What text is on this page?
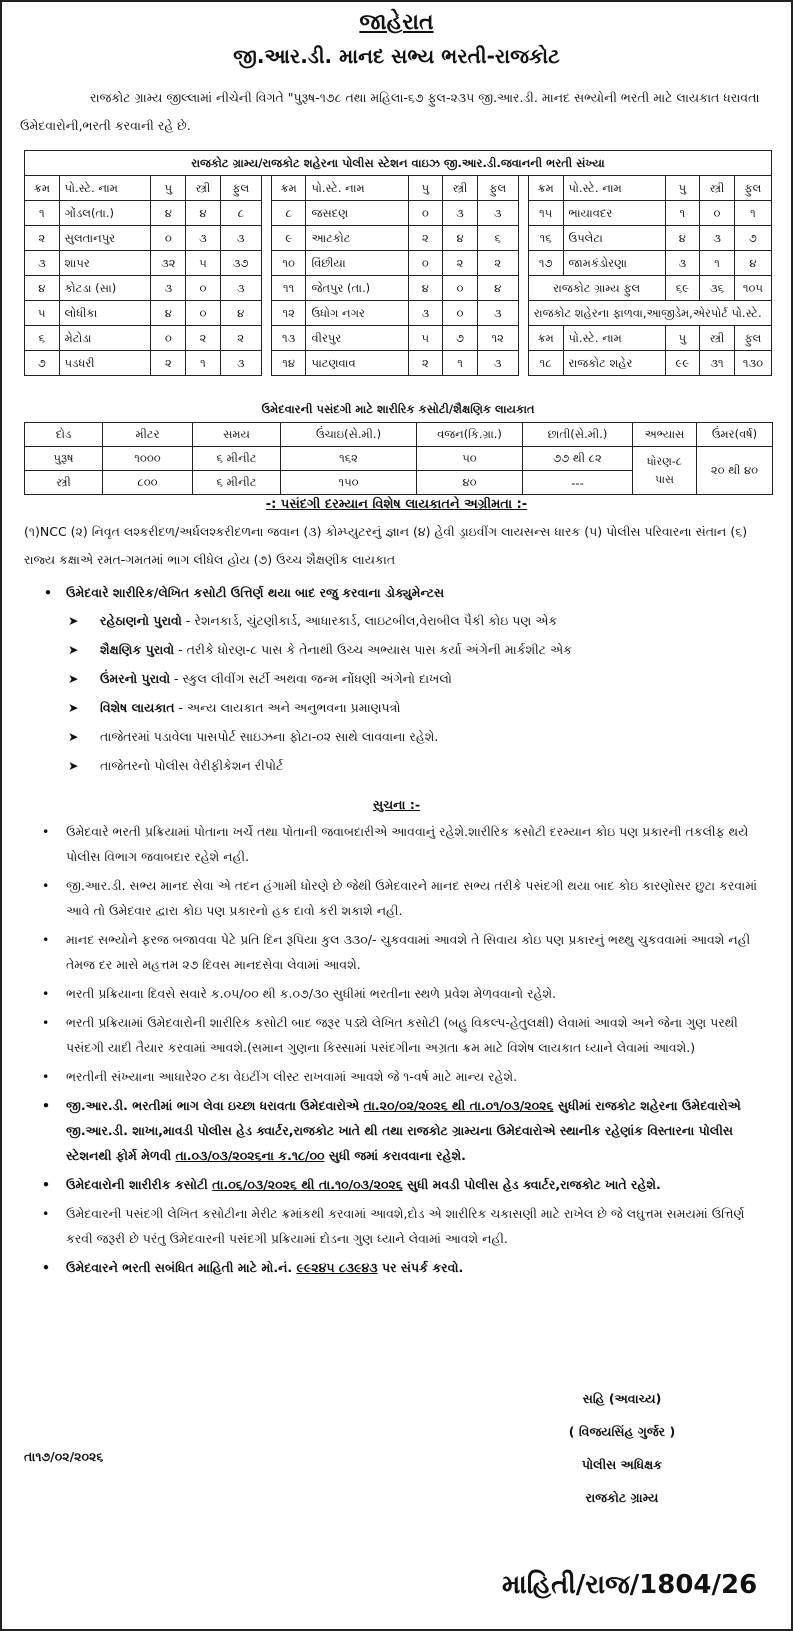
જાહેરાત
જી.આર.ડી. માનદ સભ્ય ભરતી-રાજકોટ
રાજકોટ ગ્રામ્ય જીલ્લામાં નીચેની વિગતે "પુરૂષ-૧૭૮ તથા મહિલા-૬૭ ફુલ-૨૩૫ જી.આર.ડી. માનદ સભ્યોની ભરતી માટે લાયકાત ધરાવતા ઉમેદવારોની,ભરતી કરવાની રહે છે.
રાજકોટ ગ્રામ્ય/રાજકોટ શહેરના પોલીસ સ્ટેશન વાઇઝ જી.આર.ડી.જવાનની ભરતી સંખ્યા																
ક્રમ	પો.સ્ટે. નામ	પુ	સ્ત્રી	ફુલ		ક્રમ	પો.સ્ટે. નામ	પુ	સ્ત્રી	ફુલ		ક્રમ	પો.સ્ટે. નામ	પુ	સ્ત્રી	ફુલ
૧	ગોંડલ(તા.)	૪	૪	૮		૮	જસદણ	૦	૩	૩		૧૫	ભાયાવદર	૧	૦	૧
૨	સુલતાનપુર	૦	૩	૩		૯	આટકોટ	૨	૪	૬		૧૬	ઉપલેટા	૪	૩	૭
૩	શાપર	૩૨	૫	૩૭		૧૦	વિંછીયા	૦	૨	૨		૧૭	જામકંડોરણા	૩	૧	૪
૪	કોટડા (સા)	૩	૦	૩		૧૧	જેતપુર (તા.)	૪	૦	૪		રાજકોટ ગ્રામ્ય ફુલ		૬૯	૩૬	૧૦૫
૫	લોધીકા	૪	૦	૪		૧૨	ઉધોગ નગર	૩	૦	૩		રાજકોટ શહેરના ફાળવા,આજીડેમ,એરપોર્ટ પો.સ્ટે.				
૬	મેટોડા	૦	૨	૨		૧૩	વીરપુર	૫	૭	૧૨		ક્રમ	પો.સ્ટે. નામ	પુ	સ્ત્રી	ફુલ
૭	પડધરી	૨	૧	૩		૧૪	પાટણવાવ	૨	૧	૩		૧૮	રાજકોટ શહેર	૯૯	૩૧	૧૩૦
ઉમેદવારની પસંદગી માટે શારીરિક કસોટી/શૈક્ષણિક લાયકાત
દોડ	મીટર	સમય	ઉંચાઇ(સે.મી.)	વજન(કિ.ગ્રા.)	છાતી(સે.મી.)	અભ્યાસ	ઉંમર(વર્ષ)
પુરૂષ	૧૦૦૦	૬ મીનીટ	૧૬૨	૫૦	૭૭ થી ૮૨	ધોરણ-૮ પાસ	૨૦ થી ૪૦
સ્ત્રી	૮૦૦	૬ મીનીટ	૧૫૦	૪૦	---		
-: પસંદગી દરમ્યાન વિશેષ લાયકાતને અગ્રીમતા :-
(૧)NCC (૨) નિવૃત લશ્કરીદળ/અર્ધલશ્કરીદળના જવાન (૩) કોમ્પ્યુટરનું જ્ઞાન (૪) હેવી ડ્રાઇવીંગ લાયસન્સ ધારક (૫) પોલીસ પરિવારના સંતાન (૬) રાજ્ય કક્ષાએ રમત-ગમતમાં ભાગ લીધેલ હોય (૭) ઉચ્ચ શૈક્ષણીક લાયકાત
• ઉમેદવારે શારીરિક/લેખિત કસોટી ઉત્તિર્ણ થયા બાદ રજુ કરવાના ડોક્યુમેન્ટસ
➤ રહેઠાણનો પુરાવો - રેશનકાર્ડ, ચુંટણીકાર્ડ, આધારકાર્ડ, લાઇટબીલ,વેરાબીલ પૈકી કોઇ પણ એક
➤ શૈક્ષણિક પુરાવો - તરીકે ધોરણ-૮ પાસ કે તેનાથી ઉચ્ચ અભ્યાસ પાસ કર્યા અંગેની માર્કશીટ એક
➤ ઉંમરનો પુરાવો - સ્કુલ લીવીંગ સર્ટી અથવા જન્મ નોંધણી અંગેનો દાખલો
➤ વિશેષ લાયકાત - અન્ય લાયકાત અને અનુભવના પ્રમાણપત્રો
➤ તાજેતરમાં પડાવેલા પાસપોર્ટ સાઇઝના ફોટા-૦૨ સાથે લાવવાના રહેશે.
➤ તાજેતરનો પોલીસ વેરીફીકેશન રીપોર્ટ
સુચના :-
• ઉમેદવારે ભરતી પ્રક્રિયામાં પોતાના ખર્ચે તથા પોતાની જવાબદારીએ આવવાનું રહેશે.શારીરિક કસોટી દરમ્યાન કોઇ પણ પ્રકારની તકલીફ થયે પોલીસ વિભાગ જવાબદાર રહેશે નહી.
• જી.આર.ડી. સભ્ય માનદ સેવા એ તદન હંગામી ધોરણે છે જેથી ઉમેદવારને માનદ સભ્ય તરીકે પસંદગી થયા બાદ કોઇ કારણોસર છુટા કરવામાં આવે તો ઉમેદવાર દ્વારા કોઇ પણ પ્રકારનો હક દાવો કરી શકાશે નહી.
• માનદ સભ્યોને ફરજ બજાવવા પેટે પ્રતિ દિન રૂપિયા કુલ ૩૩૦/- ચુકવવામાં આવશે તે સિવાય કોઇ પણ પ્રકારનું ભથ્થુ ચુકવવામાં આવશે નહી તેમજ દર માસે મહત્તમ ૨૭ દિવસ માનદસેવા લેવામાં આવશે.
• ભરતી પ્રક્રિયાના દિવસે સવારે ક.૦૫/૦૦ થી ક.૦૭/૩૦ સુધીમાં ભરતીના સ્થળે પ્રવેશ મેળવવાનો રહેશે.
• ભરતી પ્રક્રિયામાં ઉમેદવારોની શારીરિક કસોટી બાદ જરૂર પડ્યે લેખિત કસોટી (બહુ વિકલ્પ-હેતુલક્ષી) લેવામાં આવશે અને જેના ગુણ પરથી પસંદગી યાદી તૈયાર કરવામાં આવશે.(સમાન ગુણના કિસ્સામાં પસંદગીના અગ્રતા ક્રમ માટે વિશેષ લાયકાત ધ્યાને લેવામાં આવશે.)
• ભરતીની સંખ્યાના આધારે૨૦ ટકા વેઇટીંગ લીસ્ટ રાખવામાં આવશે જે ૧-વર્ષ માટે માન્ય રહેશે.
• જી.આર.ડી. ભરતીમાં ભાગ લેવા ઇચ્છા ધરાવતા ઉમેદવારોએ તા.૨૦/૦૨/૨૦૨૬ થી તા.૦૧/૦૩/૨૦૨૬ સુધીમાં રાજકોટ શહેરના ઉમેદવારોએ જી.આર.ડી. શાખા,માવડી પોલીસ હેડ ક્વાર્ટર,રાજકોટ ખાતે થી તથા રાજકોટ ગ્રામ્યના ઉમેદવારોએ સ્થાનીક રહેણાંક વિસ્તારના પોલીસ સ્ટેશનથી ફોર્મ મેળવી તા.૦૩/૦૩/૨૦૨૬ના ક.૧૮/૦૦ સુધી જમાં કરાવવાના રહેશે.
• ઉમેદવારોની શારીરીક કસોટી તા.૦૬/૦૩/૨૦૨૬ થી તા.૧૦/૦૩/૨૦૨૬ સુધી મવડી પોલીસ હેડ ક્વાર્ટર,રાજકોટ ખાતે રહેશે.
• ઉમેદવારની પસંદગી લેખિત કસોટીના મેરીટ ક્રમાંકથી કરવામાં આવશે,દોડ એ શારીરિક ચકાસણી માટે રાખેલ છે જે લઘુત્તમ સમયમાં ઉત્તિર્ણ કરવી જરૂરી છે પરંતુ ઉમેદવારની પસંદગી પ્રક્રિયામાં દોડના ગુણ ધ્યાને લેવામાં આવશે નહી.
• ઉમેદવારને ભરતી સબંધિત માહિતી માટે મો.નં. ૯૯૨૪૫ ૮૩૯૪૩ પર સંપર્ક કરવો.
સહિ (અવાચ્ય)
( વિજયસિંહ ગુર્જર )
પોલીસ અધિક્ષક
રાજકોટ ગ્રામ્ય
તા૧૭/૦૨/૨૦૨૬
માહિતી/રાજ/1804/26
